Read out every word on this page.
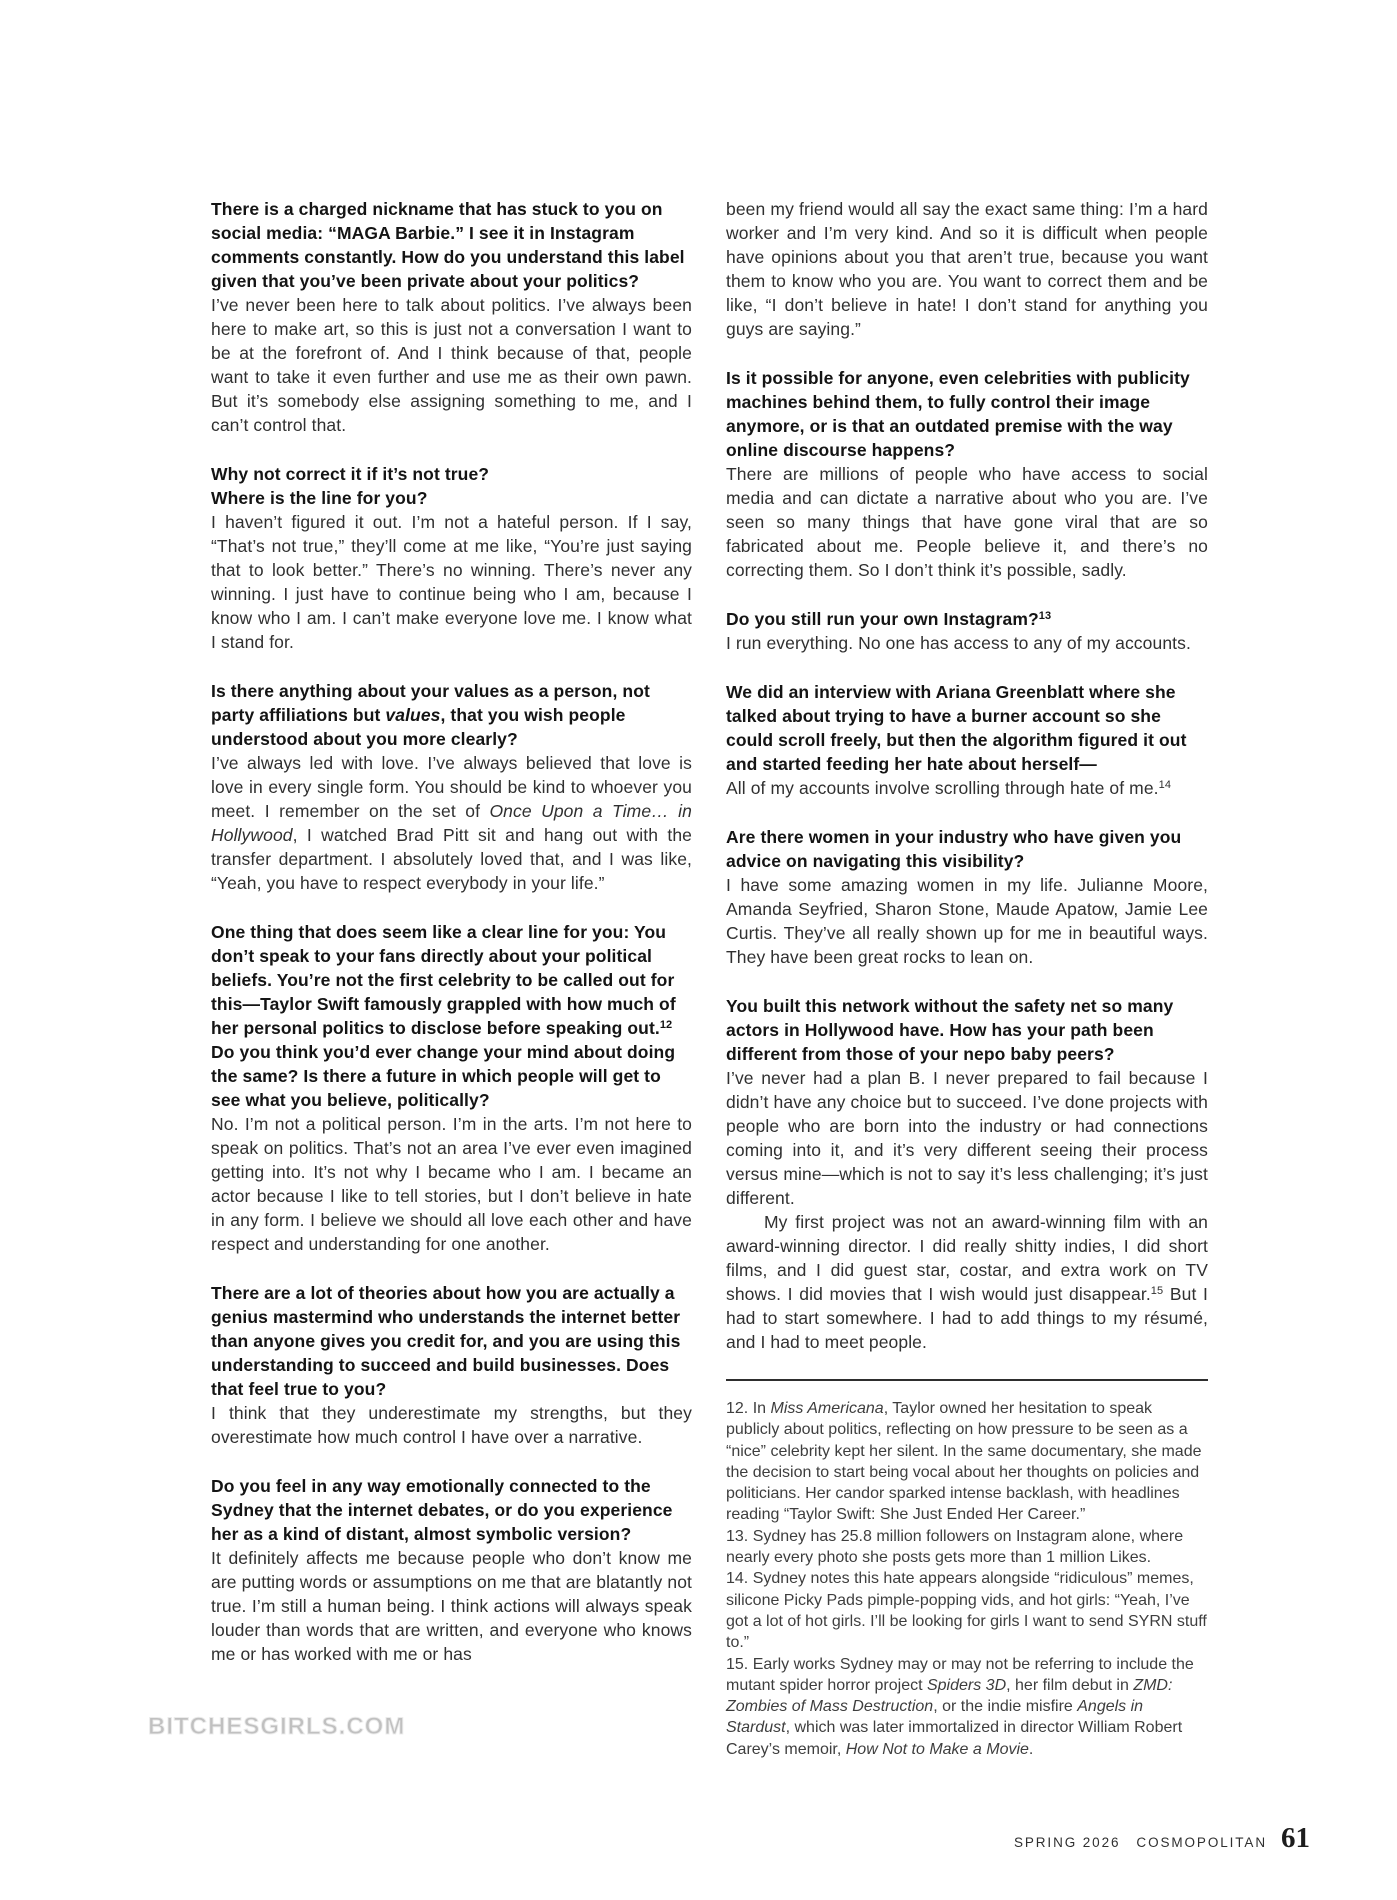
There is a charged nickname that has stuck to you on social media: “MAGA Barbie.” I see it in Instagram comments constantly. How do you understand this label given that you’ve been private about your politics?

I’ve never been here to talk about politics. I’ve always been here to make art, so this is just not a conversation I want to be at the forefront of. And I think because of that, people want to take it even further and use me as their own pawn. But it’s somebody else assigning something to me, and I can’t control that.

Why not correct it if it’s not true?
Where is the line for you?

I haven’t figured it out. I’m not a hateful person. If I say, “That’s not true,” they’ll come at me like, “You’re just saying that to look better.” There’s no winning. There’s never any winning. I just have to continue being who I am, because I know who I am. I can’t make everyone love me. I know what I stand for.

Is there anything about your values as a person, not party affiliations but values, that you wish people understood about you more clearly?

I’ve always led with love. I’ve always believed that love is love in every single form. You should be kind to whoever you meet. I remember on the set of Once Upon a Time… in Hollywood, I watched Brad Pitt sit and hang out with the transfer department. I absolutely loved that, and I was like, “Yeah, you have to respect everybody in your life.”

One thing that does seem like a clear line for you: You don’t speak to your fans directly about your political beliefs. You’re not the first celebrity to be called out for this—Taylor Swift famously grappled with how much of her personal politics to disclose before speaking out.$^{12}$ Do you think you’d ever change your mind about doing the same? Is there a future in which people will get to see what you believe, politically?

No. I’m not a political person. I’m in the arts. I’m not here to speak on politics. That’s not an area I’ve ever even imagined getting into. It’s not why I became who I am. I became an actor because I like to tell stories, but I don’t believe in hate in any form. I believe we should all love each other and have respect and understanding for one another.

There are a lot of theories about how you are actually a genius mastermind who understands the internet better than anyone gives you credit for, and you are using this understanding to succeed and build businesses. Does that feel true to you?

I think that they underestimate my strengths, but they overestimate how much control I have over a narrative.

Do you feel in any way emotionally connected to the Sydney that the internet debates, or do you experience her as a kind of distant, almost symbolic version?

It definitely affects me because people who don’t know me are putting words or assumptions on me that are blatantly not true. I’m still a human being. I think actions will always speak louder than words that are written, and everyone who knows me or has worked with me or has

been my friend would all say the exact same thing: I’m a hard worker and I’m very kind. And so it is difficult when people have opinions about you that aren’t true, because you want them to know who you are. You want to correct them and be like, “I don’t believe in hate! I don’t stand for anything you guys are saying.”

Is it possible for anyone, even celebrities with publicity machines behind them, to fully control their image anymore, or is that an outdated premise with the way online discourse happens?

There are millions of people who have access to social media and can dictate a narrative about who you are. I’ve seen so many things that have gone viral that are so fabricated about me. People believe it, and there’s no correcting them. So I don’t think it’s possible, sadly.

Do you still run your own Instagram?$^{13}$

I run everything. No one has access to any of my accounts.

We did an interview with Ariana Greenblatt where she talked about trying to have a burner account so she could scroll freely, but then the algorithm figured it out and started feeding her hate about herself—

All of my accounts involve scrolling through hate of me.$^{14}$

Are there women in your industry who have given you advice on navigating this visibility?

I have some amazing women in my life. Julianne Moore, Amanda Seyfried, Sharon Stone, Maude Apatow, Jamie Lee Curtis. They’ve all really shown up for me in beautiful ways. They have been great rocks to lean on.

You built this network without the safety net so many actors in Hollywood have. How has your path been different from those of your nepo baby peers?

I’ve never had a plan B. I never prepared to fail because I didn’t have any choice but to succeed. I’ve done projects with people who are born into the industry or had connections coming into it, and it’s very different seeing their process versus mine—which is not to say it’s less challenging; it’s just different.

My first project was not an award-winning film with an award-winning director. I did really shitty indies, I did short films, and I did guest star, costar, and extra work on TV shows. I did movies that I wish would just disappear.$^{15}$ But I had to start somewhere. I had to add things to my résumé, and I had to meet people.

12. In Miss Americana, Taylor owned her hesitation to speak publicly about politics, reflecting on how pressure to be seen as a “nice” celebrity kept her silent. In the same documentary, she made the decision to start being vocal about her thoughts on policies and politicians. Her candor sparked intense backlash, with headlines reading “Taylor Swift: She Just Ended Her Career.”

13. Sydney has 25.8 million followers on Instagram alone, where nearly every photo she posts gets more than 1 million Likes.

14. Sydney notes this hate appears alongside “ridiculous” memes, silicone Picky Pads pimple-popping vids, and hot girls: “Yeah, I’ve got a lot of hot girls. I’ll be looking for girls I want to send SYRN stuff to.”

15. Early works Sydney may or may not be referring to include the mutant spider horror project Spiders 3D, her film debut in ZMD: Zombies of Mass Destruction, or the indie misfire Angels in Stardust, which was later immortalized in director William Robert Carey’s memoir, How Not to Make a Movie.

BITCHESGIRLS.COM
SPRING 2026 COSMOPOLITAN 61
